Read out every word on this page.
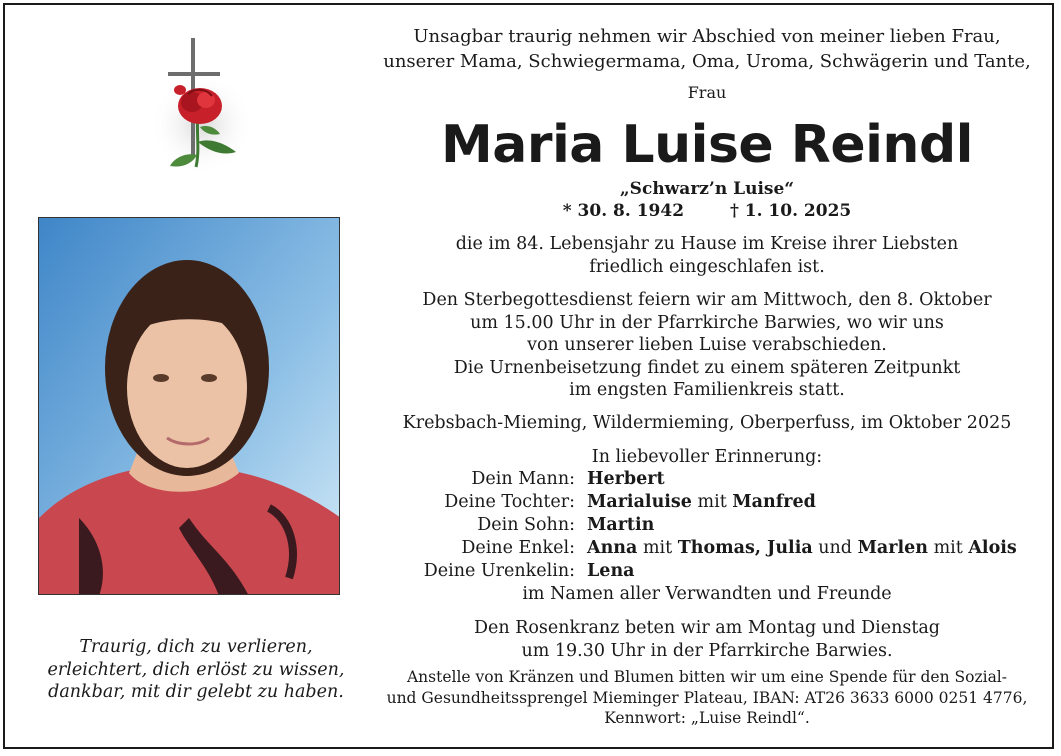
Unsagbar traurig nehmen wir Abschied von meiner lieben Frau,
unserer Mama, Schwiegermama, Oma, Uroma, Schwägerin und Tante,
Frau
Maria Luise Reindl
„Schwarz’n Luise“
* 30. 8. 1942	† 1. 10. 2025
die im 84. Lebensjahr zu Hause im Kreise ihrer Liebsten
friedlich eingeschlafen ist.
Den Sterbegottesdienst feiern wir am Mittwoch, den 8. Oktober
um 15.00 Uhr in der Pfarrkirche Barwies, wo wir uns
von unserer lieben Luise verabschieden.
Die Urnenbeisetzung findet zu einem späteren Zeitpunkt
im engsten Familienkreis statt.
Krebsbach-Mieming, Wildermieming, Oberperfuss, im Oktober 2025
In liebevoller Erinnerung:
Dein Mann: Herbert
Deine Tochter: Marialuise mit Manfred
Dein Sohn: Martin
Deine Enkel: Anna mit Thomas, Julia und Marlen mit Alois
Deine Urenkelin: Lena
im Namen aller Verwandten und Freunde
Den Rosenkranz beten wir am Montag und Dienstag
um 19.30 Uhr in der Pfarrkirche Barwies.
Anstelle von Kränzen und Blumen bitten wir um eine Spende für den Sozial-
und Gesundheitssprengel Mieminger Plateau, IBAN: AT26 3633 6000 0251 4776,
Kennwort: „Luise Reindl“.
Traurig, dich zu verlieren,
erleichtert, dich erlöst zu wissen,
dankbar, mit dir gelebt zu haben.
